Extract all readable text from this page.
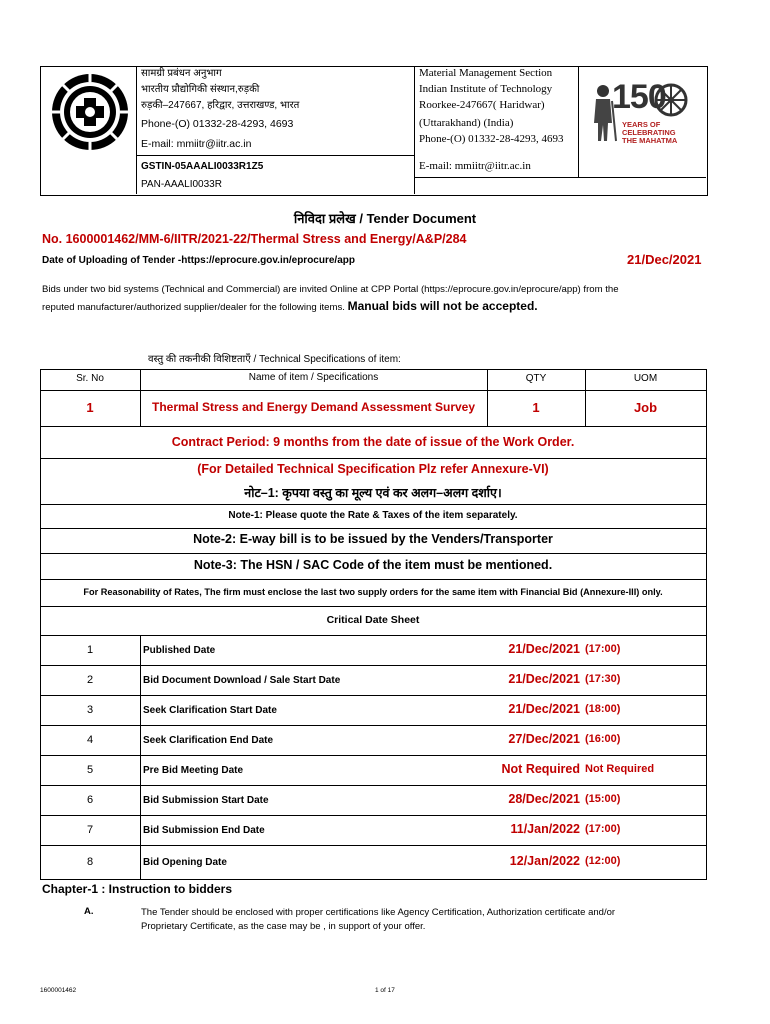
सामग्री प्रबंधन अनुभाग
भारतीय प्रौद्योगिकी संस्थान,रुड़की
रुड़की–247667, हरिद्वार, उत्तराखण्ड, भारत
Phone-(O) 01332-28-4293, 4693
E-mail: mmiitr@iitr.ac.in
GSTIN-05AAALI0033R1Z5
PAN-AAALI0033R
Material Management Section
Indian Institute of Technology
Roorkee-247667( Haridwar)
(Uttarakhand) (India)
Phone-(O) 01332-28-4293, 4693
E-mail: mmiitr@iitr.ac.in
150
YEARS OF
CELEBRATING
THE MAHATMA
निविदा प्रलेख / Tender Document
No. 1600001462/MM-6/IITR/2021-22/Thermal Stress and Energy/A&P/284
Date of Uploading of Tender -https://eprocure.gov.in/eprocure/app	21/Dec/2021
Bids under two bid systems (Technical and Commercial) are invited Online at CPP Portal (https://eprocure.gov.in/eprocure/app) from the
reputed manufacturer/authorized supplier/dealer for the following items. Manual bids will not be accepted.
वस्तु की तकनीकी विशिष्टताएँ / Technical Specifications of item:
Sr. No	Name of item / Specifications	QTY	UOM
1	Thermal Stress and Energy Demand Assessment Survey	1	Job
Contract Period: 9 months from the date of issue of the Work Order.
(For Detailed Technical Specification Plz refer Annexure-VI)
नोट–1: कृपया वस्तु का मूल्य एवं कर अलग–अलग दर्शाए।
Note-1: Please quote the Rate & Taxes of the item separately.
Note-2: E-way bill is to be issued by the Venders/Transporter
Note-3: The HSN / SAC Code of the item must be mentioned.
For Reasonability of Rates, The firm must enclose the last two supply orders for the same item with Financial Bid (Annexure-III) only.
Critical Date Sheet
1	Published Date	21/Dec/2021 (17:00)
2	Bid Document Download / Sale Start Date	21/Dec/2021 (17:30)
3	Seek Clarification Start Date	21/Dec/2021 (18:00)
4	Seek Clarification End Date	27/Dec/2021 (16:00)
5	Pre Bid Meeting Date	Not Required Not Required
6	Bid Submission Start Date	28/Dec/2021 (15:00)
7	Bid Submission End Date	11/Jan/2022 (17:00)
8	Bid Opening Date	12/Jan/2022 (12:00)
Chapter-1 : Instruction to bidders
A.	The Tender should be enclosed with proper certifications like Agency Certification, Authorization certificate and/or
Proprietary Certificate, as the case may be , in support of your offer.
1600001462	1 of 17
